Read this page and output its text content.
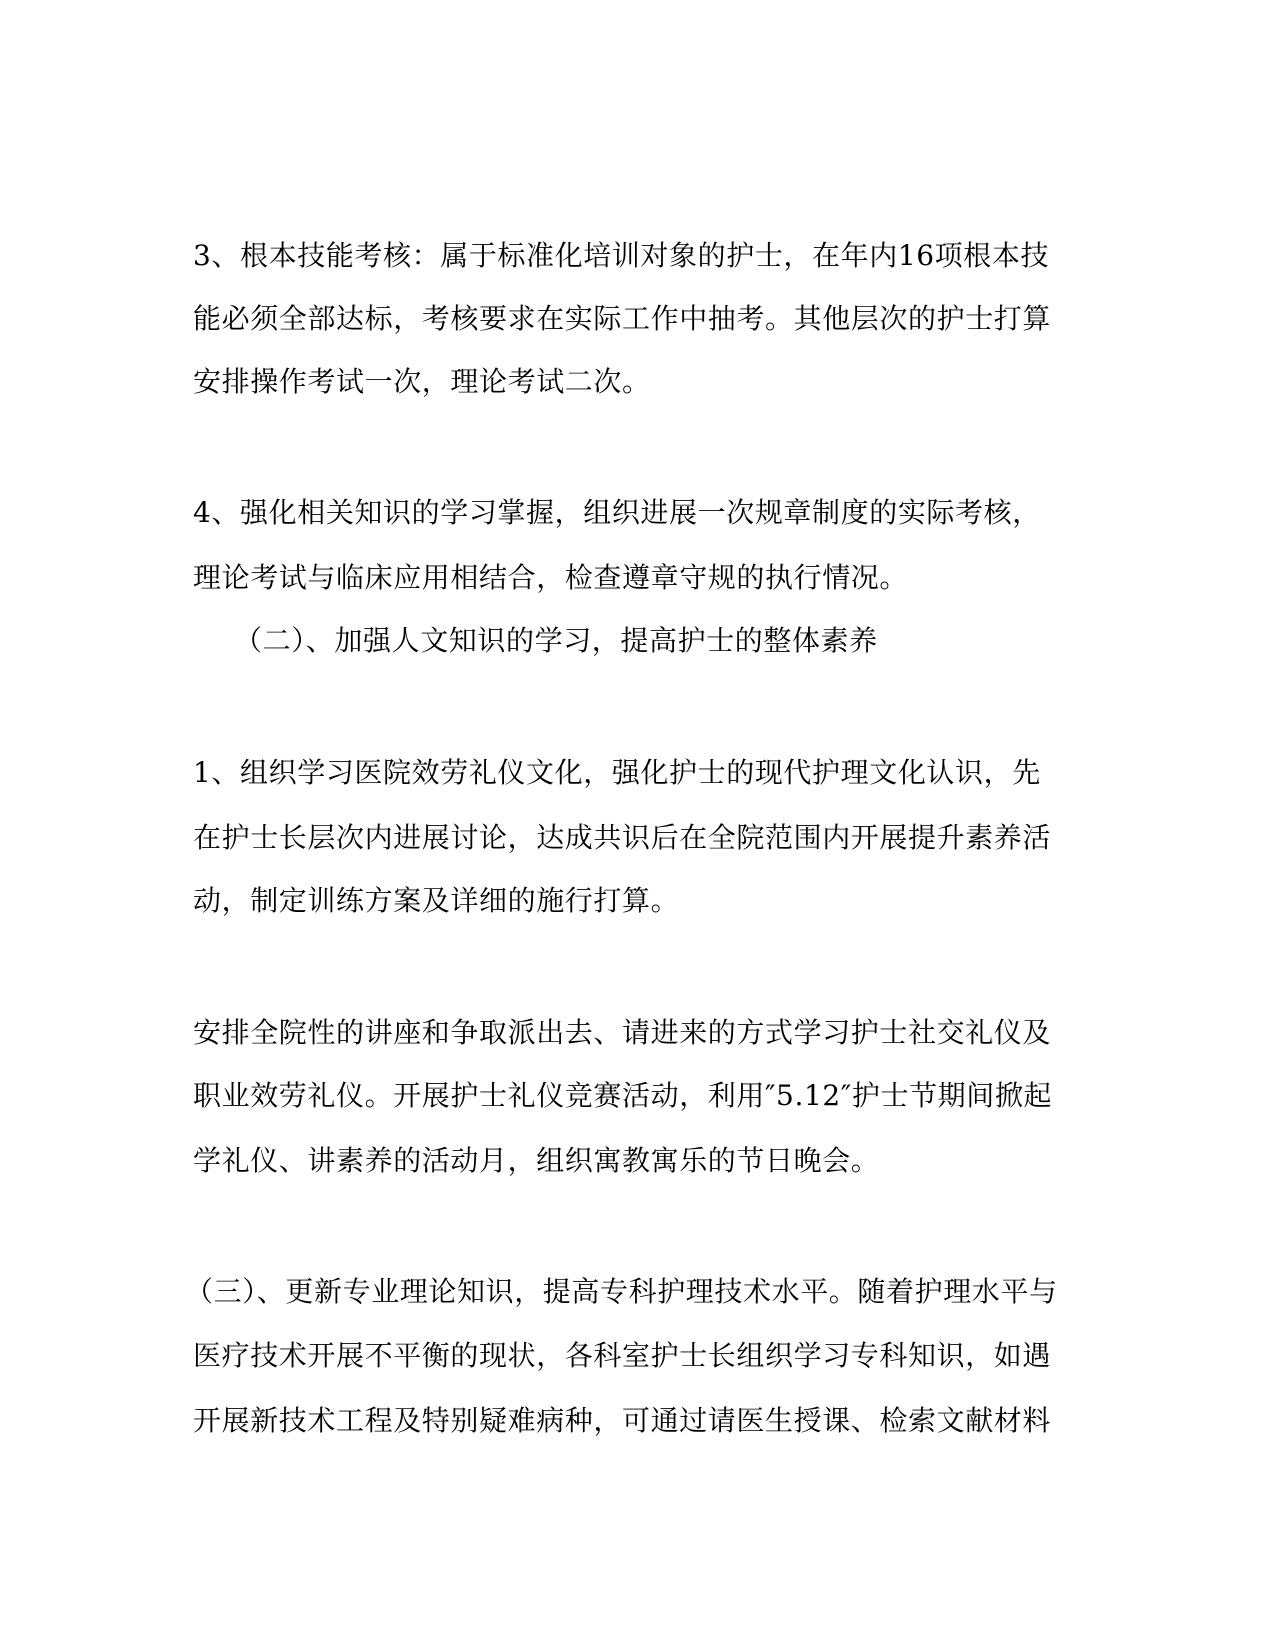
3、根本技能考核：属于标准化培训对象的护士，在年内16项根本技
能必须全部达标，考核要求在实际工作中抽考。其他层次的护士打算
安排操作考试一次，理论考试二次。
4、强化相关知识的学习掌握，组织进展一次规章制度的实际考核，
理论考试与临床应用相结合，检查遵章守规的执行情况。
（二）、加强人文知识的学习，提高护士的整体素养
1、组织学习医院效劳礼仪文化，强化护士的现代护理文化认识，先
在护士长层次内进展讨论，达成共识后在全院范围内开展提升素养活
动，制定训练方案及详细的施行打算。
安排全院性的讲座和争取派出去、请进来的方式学习护士社交礼仪及
职业效劳礼仪。开展护士礼仪竞赛活动，利用″5.12″护士节期间掀起
学礼仪、讲素养的活动月，组织寓教寓乐的节日晚会。
（三）、更新专业理论知识，提高专科护理技术水平。随着护理水平与
医疗技术开展不平衡的现状，各科室护士长组织学习专科知识，如遇
开展新技术工程及特别疑难病种，可通过请医生授课、检索文献材料
